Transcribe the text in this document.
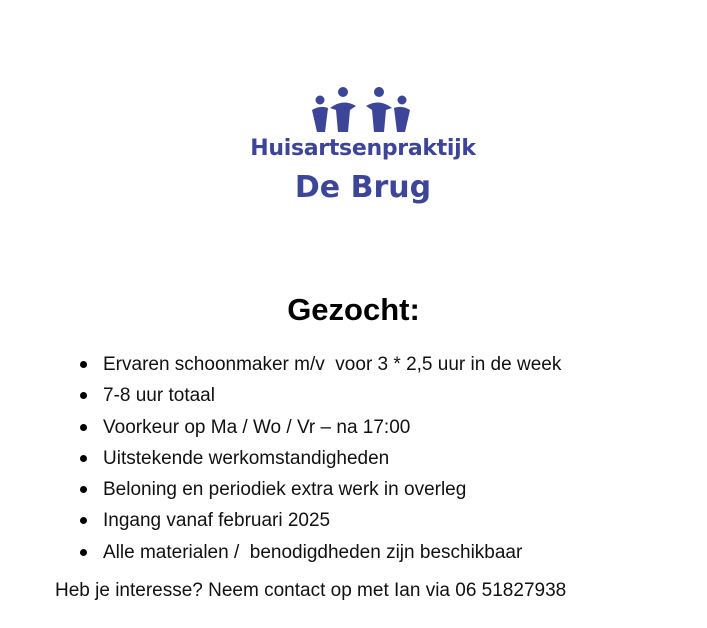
Huisartsenpraktijk
De Brug
Gezocht:
Ervaren schoonmaker m/v  voor 3 * 2,5 uur in de week
7-8 uur totaal
Voorkeur op Ma / Wo / Vr – na 17:00
Uitstekende werkomstandigheden
Beloning en periodiek extra werk in overleg
Ingang vanaf februari 2025
Alle materialen /  benodigdheden zijn beschikbaar
Heb je interesse? Neem contact op met Ian via 06 51827938
